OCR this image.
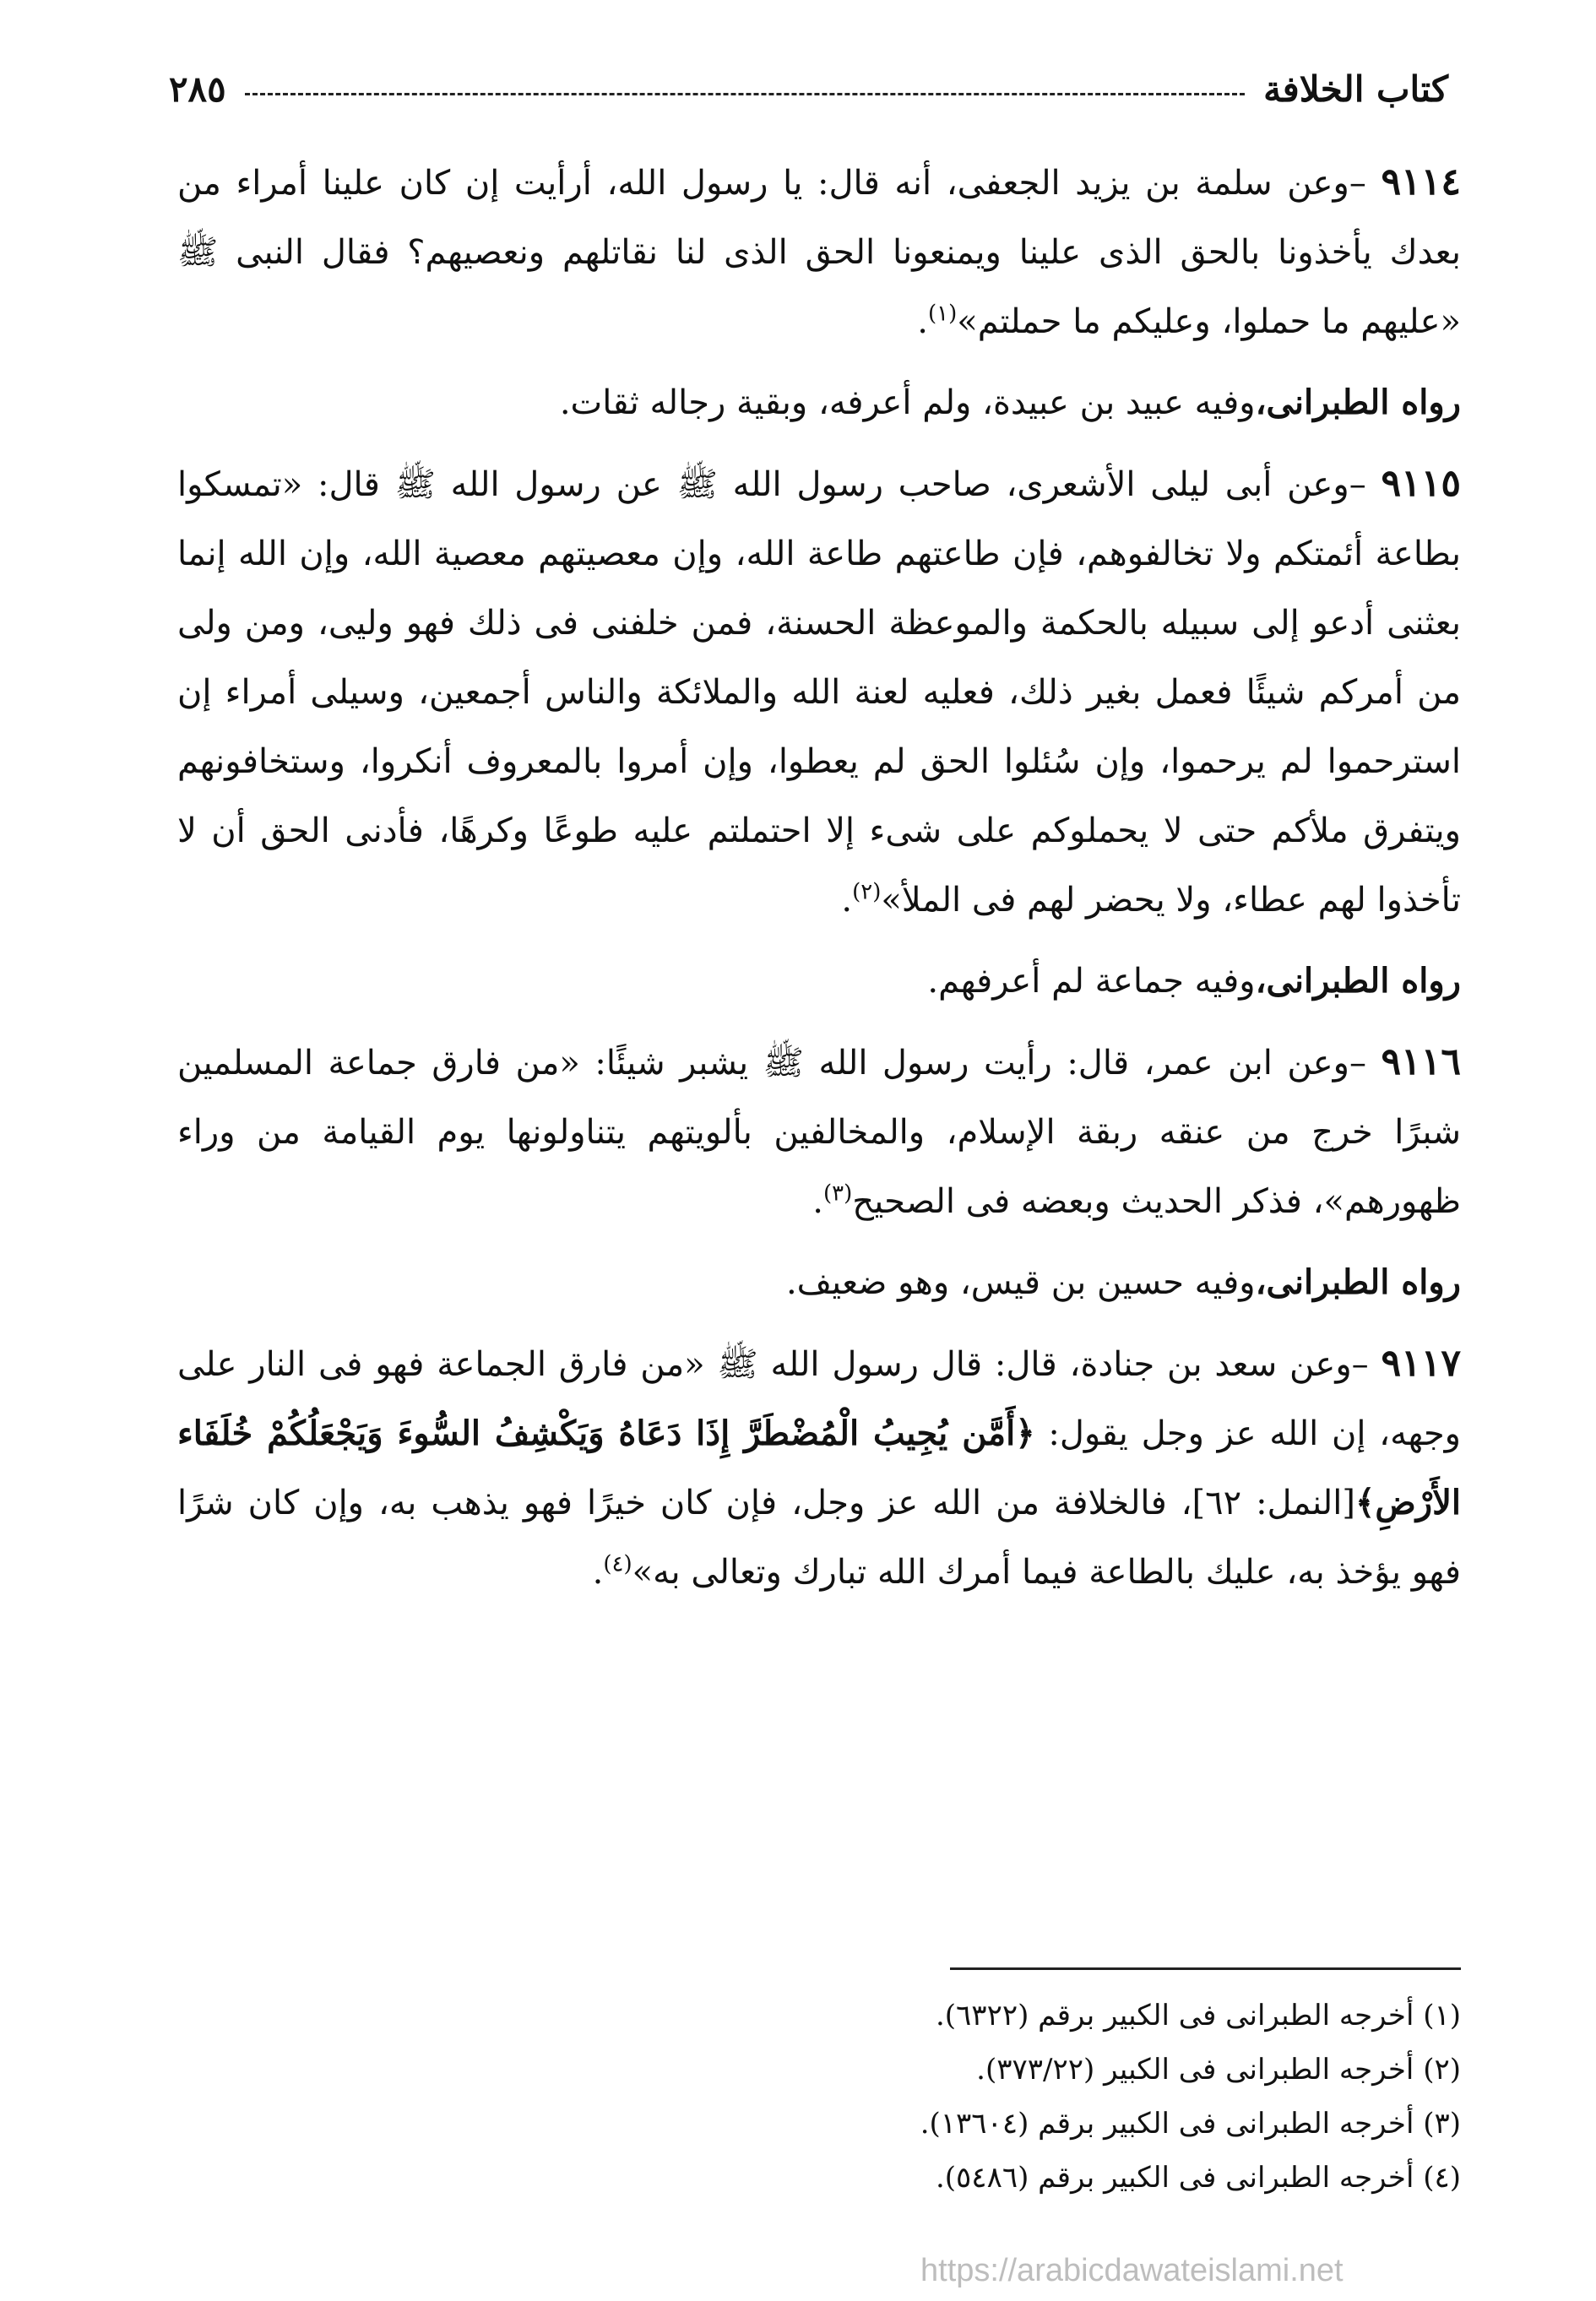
كتاب الخلافة
٢٨٥

٩١١٤ –وعن سلمة بن يزيد الجعفى، أنه قال: يا رسول الله، أرأيت إن كان علينا أمراء من بعدك يأخذونا بالحق الذى علينا ويمنعونا الحق الذى لنا نقاتلهم ونعصيهم؟ فقال النبى ﷺ «عليهم ما حملوا، وعليكم ما حملتم»$^{(١)}$.

رواه الطبرانى،وفيه عبيد بن عبيدة، ولم أعرفه، وبقية رجاله ثقات.

٩١١٥ –وعن أبى ليلى الأشعرى، صاحب رسول الله ﷺ عن رسول الله ﷺ قال: «تمسكوا بطاعة أئمتكم ولا تخالفوهم، فإن طاعتهم طاعة الله، وإن معصيتهم معصية الله، وإن الله إنما بعثنى أدعو إلى سبيله بالحكمة والموعظة الحسنة، فمن خلفنى فى ذلك فهو وليى، ومن ولى من أمركم شيئًا فعمل بغير ذلك، فعليه لعنة الله والملائكة والناس أجمعين، وسيلى أمراء إن استرحموا لم يرحموا، وإن سُئلوا الحق لم يعطوا، وإن أمروا بالمعروف أنكروا، وستخافونهم ويتفرق ملأكم حتى لا يحملوكم على شىء إلا احتملتم عليه طوعًا وكرهًا، فأدنى الحق أن لا تأخذوا لهم عطاء، ولا يحضر لهم فى الملأ»$^{(٢)}$.

رواه الطبرانى،وفيه جماعة لم أعرفهم.

٩١١٦ –وعن ابن عمر، قال: رأيت رسول الله ﷺ يشبر شيئًا: «من فارق جماعة المسلمين شبرًا خرج من عنقه ربقة الإسلام، والمخالفين بألويتهم يتناولونها يوم القيامة من وراء ظهورهم»، فذكر الحديث وبعضه فى الصحيح$^{(٣)}$.

رواه الطبرانى،وفيه حسين بن قيس، وهو ضعيف.

٩١١٧ –وعن سعد بن جنادة، قال: قال رسول الله ﷺ «من فارق الجماعة فهو فى النار على وجهه، إن الله عز وجل يقول: ﴿أَمَّن يُجِيبُ الْمُضْطَرَّ إِذَا دَعَاهُ وَيَكْشِفُ السُّوءَ وَيَجْعَلُكُمْ خُلَفَاء الأَرْضِ﴾[النمل: ٦٢]، فالخلافة من الله عز وجل، فإن كان خيرًا فهو يذهب به، وإن كان شرًا فهو يؤخذ به، عليك بالطاعة فيما أمرك الله تبارك وتعالى به»$^{(٤)}$.

(١) أخرجه الطبرانى فى الكبير برقم (٦٣٢٢).

(٢) أخرجه الطبرانى فى الكبير (٣٧٣/٢٢).

(٣) أخرجه الطبرانى فى الكبير برقم (١٣٦٠٤).

(٤) أخرجه الطبرانى فى الكبير برقم (٥٤٨٦).

https://arabicdawateislami.net
